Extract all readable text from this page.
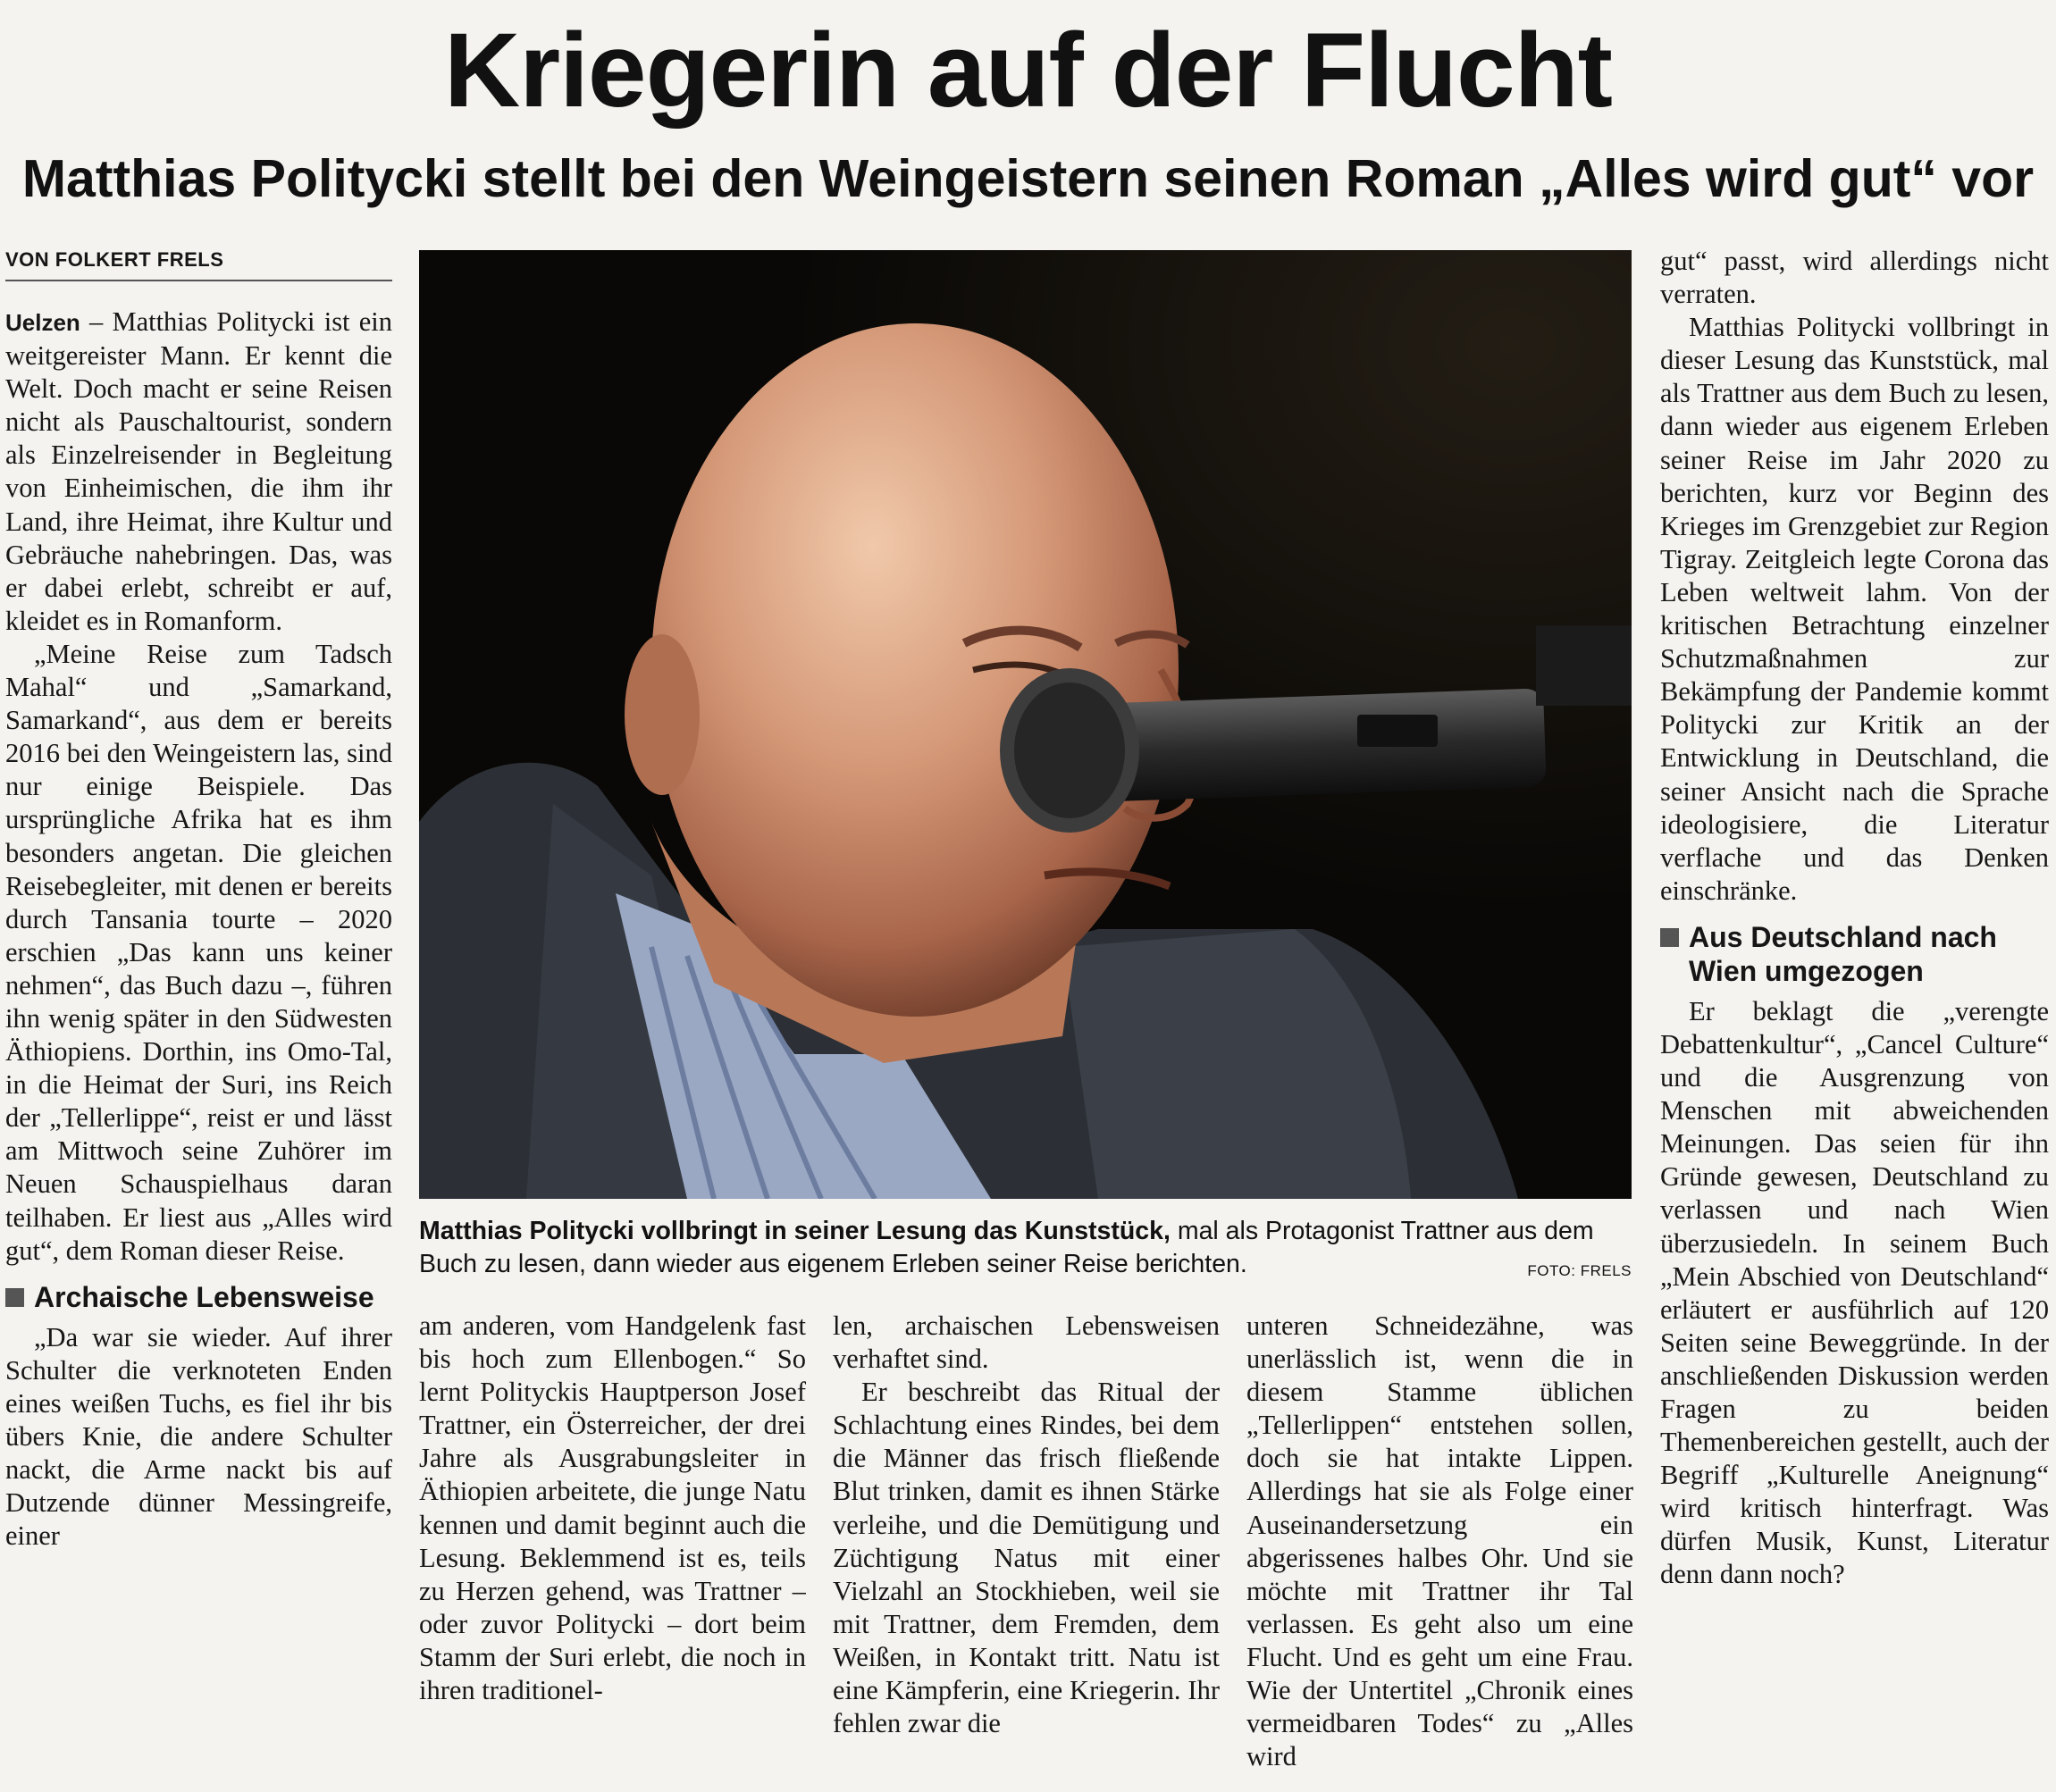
Kriegerin auf der Flucht
Matthias Politycki stellt bei den Weingeistern seinen Roman „Alles wird gut“ vor
VON FOLKERT FRELS

Uelzen – Matthias Politycki ist ein weitgereister Mann. Er kennt die Welt. Doch macht er seine Reisen nicht als Pauschaltourist, sondern als Einzelreisender in Begleitung von Einheimischen, die ihm ihr Land, ihre Heimat, ihre Kultur und Gebräuche nahebringen. Das, was er dabei erlebt, schreibt er auf, kleidet es in Romanform.

„Meine Reise zum Tadsch Mahal“ und „Samarkand, Samarkand“, aus dem er bereits 2016 bei den Weingeistern las, sind nur einige Beispiele. Das ursprüngliche Afrika hat es ihm besonders angetan. Die gleichen Reisebegleiter, mit denen er bereits durch Tansania tourte – 2020 erschien „Das kann uns keiner nehmen“, das Buch dazu –, führen ihn wenig später in den Südwesten Äthiopiens. Dorthin, ins Omo-Tal, in die Heimat der Suri, ins Reich der „Tellerlippe“, reist er und lässt am Mittwoch seine Zuhörer im Neuen Schauspielhaus daran teilhaben. Er liest aus „Alles wird gut“, dem Roman dieser Reise.

Archaische Lebensweise

„Da war sie wieder. Auf ihrer Schulter die verknoteten Enden eines weißen Tuchs, es fiel ihr bis übers Knie, die andere Schulter nackt, die Arme nackt bis auf Dutzende dünner Messingreife, einer

Matthias Politycki vollbringt in seiner Lesung das Kunststück, mal als Protagonist Trattner aus dem Buch zu lesen, dann wieder aus eigenem Erleben seiner Reise berichten.	FOTO: FRELS

am anderen, vom Handgelenk fast bis hoch zum Ellenbogen.“ So lernt Polityckis Hauptperson Josef Trattner, ein Österreicher, der drei Jahre als Ausgrabungsleiter in Äthiopien arbeitete, die junge Natu kennen und damit beginnt auch die Lesung. Beklemmend ist es, teils zu Herzen gehend, was Trattner – oder zuvor Politycki – dort beim Stamm der Suri erlebt, die noch in ihren traditionel-

len, archaischen Lebensweisen verhaftet sind.

Er beschreibt das Ritual der Schlachtung eines Rindes, bei dem die Männer das frisch fließende Blut trinken, damit es ihnen Stärke verleihe, und die Demütigung und Züchtigung Natus mit einer Vielzahl an Stockhieben, weil sie mit Trattner, dem Fremden, dem Weißen, in Kontakt tritt. Natu ist eine Kämpferin, eine Kriegerin. Ihr fehlen zwar die

unteren Schneidezähne, was unerlässlich ist, wenn die in diesem Stamme üblichen „Tellerlippen“ entstehen sollen, doch sie hat intakte Lippen. Allerdings hat sie als Folge einer Auseinandersetzung ein abgerissenes halbes Ohr. Und sie möchte mit Trattner ihr Tal verlassen. Es geht also um eine Flucht. Und es geht um eine Frau. Wie der Untertitel „Chronik eines vermeidbaren Todes“ zu „Alles wird

gut“ passt, wird allerdings nicht verraten.

Matthias Politycki vollbringt in dieser Lesung das Kunststück, mal als Trattner aus dem Buch zu lesen, dann wieder aus eigenem Erleben seiner Reise im Jahr 2020 zu berichten, kurz vor Beginn des Krieges im Grenzgebiet zur Region Tigray. Zeitgleich legte Corona das Leben weltweit lahm. Von der kritischen Betrachtung einzelner Schutzmaßnahmen zur Bekämpfung der Pandemie kommt Politycki zur Kritik an der Entwicklung in Deutschland, die seiner Ansicht nach die Sprache ideologisiere, die Literatur verflache und das Denken einschränke.

Aus Deutschland nach Wien umgezogen

Er beklagt die „verengte Debattenkultur“, „Cancel Culture“ und die Ausgrenzung von Menschen mit abweichenden Meinungen. Das seien für ihn Gründe gewesen, Deutschland zu verlassen und nach Wien überzusiedeln. In seinem Buch „Mein Abschied von Deutschland“ erläutert er ausführlich auf 120 Seiten seine Beweggründe. In der anschließenden Diskussion werden Fragen zu beiden Themenbereichen gestellt, auch der Begriff „Kulturelle Aneignung“ wird kritisch hinterfragt. Was dürfen Musik, Kunst, Literatur denn dann noch?
